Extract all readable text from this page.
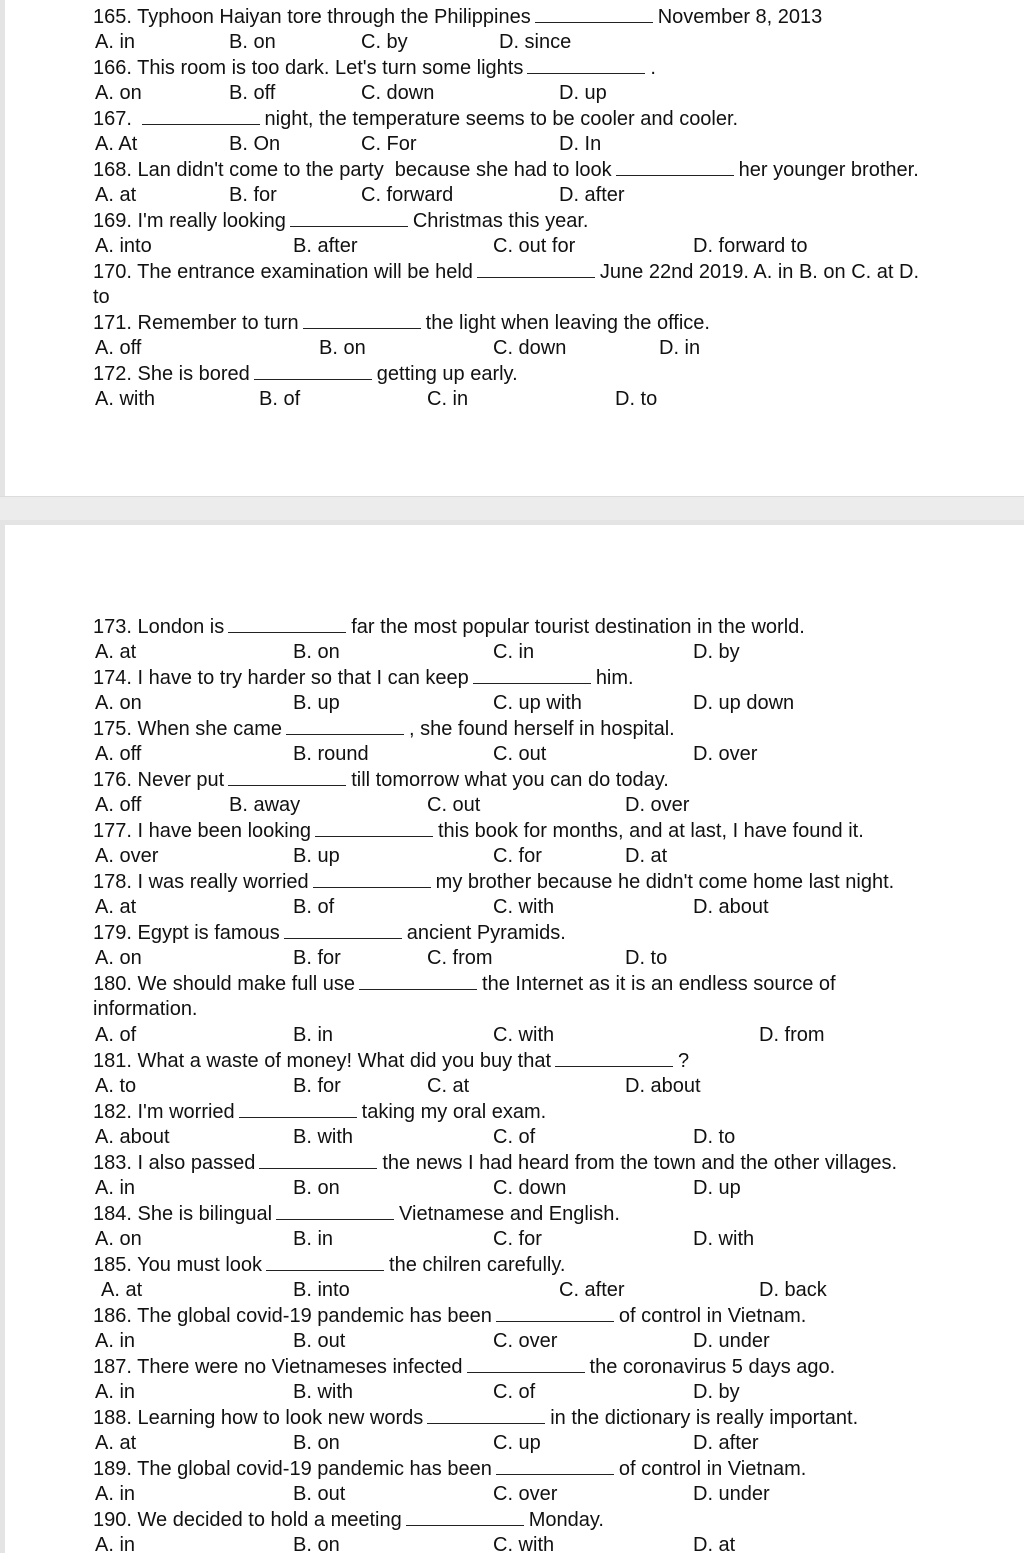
165. Typhoon Haiyan tore through the Philippines	November 8, 2013
A. in	B. on	C. by	D. since
166. This room is too dark. Let's turn some lights	.
A. on	B. off	C. down	D. up
167.	night, the temperature seems to be cooler and cooler.
A. At	B. On	C. For	D. In
168. Lan didn't come to the party  because she had to look	her younger brother.
A. at	B. for	C. forward	D. after
169. I'm really looking	Christmas this year.
A. into	B. after	C. out for	D. forward to
170. The entrance examination will be held	June 22nd 2019. A. in B. on C. at D.
to
171. Remember to turn	the light when leaving the office.
A. off	B. on	C. down	D. in
172. She is bored	getting up early.
A. with	B. of	C. in	D. to
173. London is	far the most popular tourist destination in the world.
A. at	B. on	C. in	D. by
174. I have to try harder so that I can keep	him.
A. on	B. up	C. up with	D. up down
175. When she came	, she found herself in hospital.
A. off	B. round	C. out	D. over
176. Never put	till tomorrow what you can do today.
A. off	B. away	C. out	D. over
177. I have been looking	this book for months, and at last, I have found it.
A. over	B. up	C. for	D. at
178. I was really worried	my brother because he didn't come home last night.
A. at	B. of	C. with	D. about
179. Egypt is famous	ancient Pyramids.
A. on	B. for	C. from	D. to
180. We should make full use	the Internet as it is an endless source of
information.
A. of	B. in	C. with	D. from
181. What a waste of money! What did you buy that	?
A. to	B. for	C. at	D. about
182. I'm worried	taking my oral exam.
A. about	B. with	C. of	D. to
183. I also passed	the news I had heard from the town and the other villages.
A. in	B. on	C. down	D. up
184. She is bilingual	Vietnamese and English.
A. on	B. in	C. for	D. with
185. You must look	the chilren carefully.
A. at	B. into	C. after	D. back
186. The global covid-19 pandemic has been	of control in Vietnam.
A. in	B. out	C. over	D. under
187. There were no Vietnameses infected	the coronavirus 5 days ago.
A. in	B. with	C. of	D. by
188. Learning how to look new words	in the dictionary is really important.
A. at	B. on	C. up	D. after
189. The global covid-19 pandemic has been	of control in Vietnam.
A. in	B. out	C. over	D. under
190. We decided to hold a meeting	Monday.
A. in	B. on	C. with	D. at
